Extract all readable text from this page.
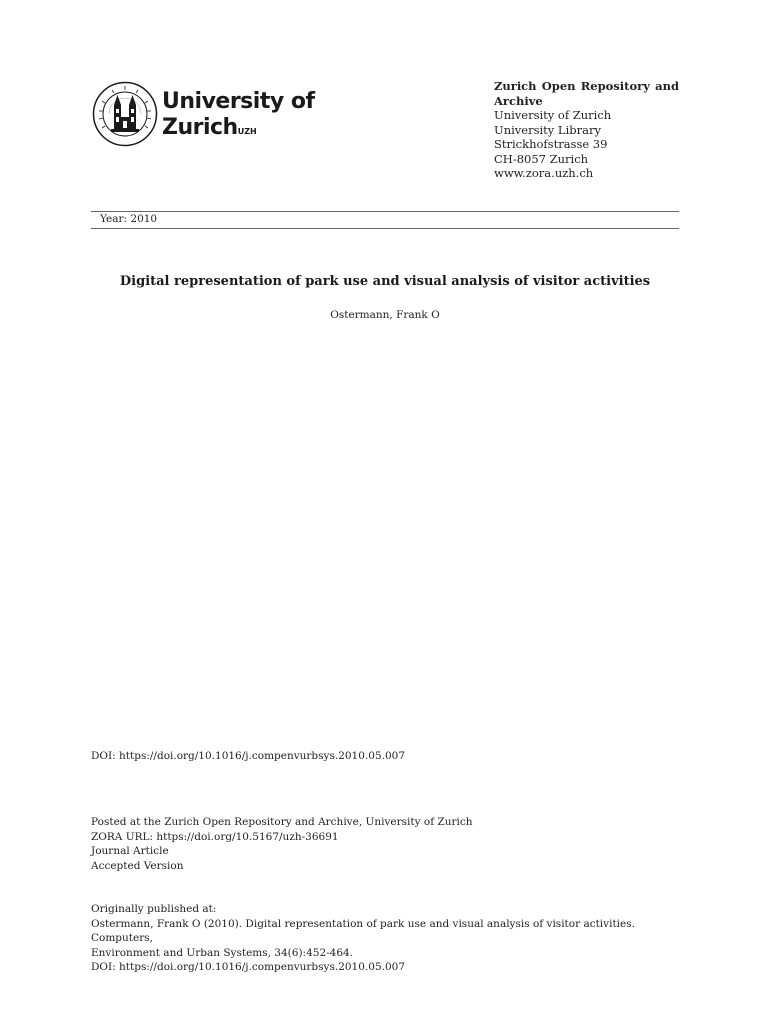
University of
Zurich$^{UZH}$
Zurich Open Repository and
Archive
University of Zurich
University Library
Strickhofstrasse 39
CH-8057 Zurich
www.zora.uzh.ch
Year: 2010
Digital representation of park use and visual analysis of visitor activities
Ostermann, Frank O
DOI: https://doi.org/10.1016/j.compenvurbsys.2010.05.007
Posted at the Zurich Open Repository and Archive, University of Zurich
ZORA URL: https://doi.org/10.5167/uzh-36691
Journal Article
Accepted Version
Originally published at:
Ostermann, Frank O (2010). Digital representation of park use and visual analysis of visitor activities. Computers,
Environment and Urban Systems, 34(6):452-464.
DOI: https://doi.org/10.1016/j.compenvurbsys.2010.05.007
